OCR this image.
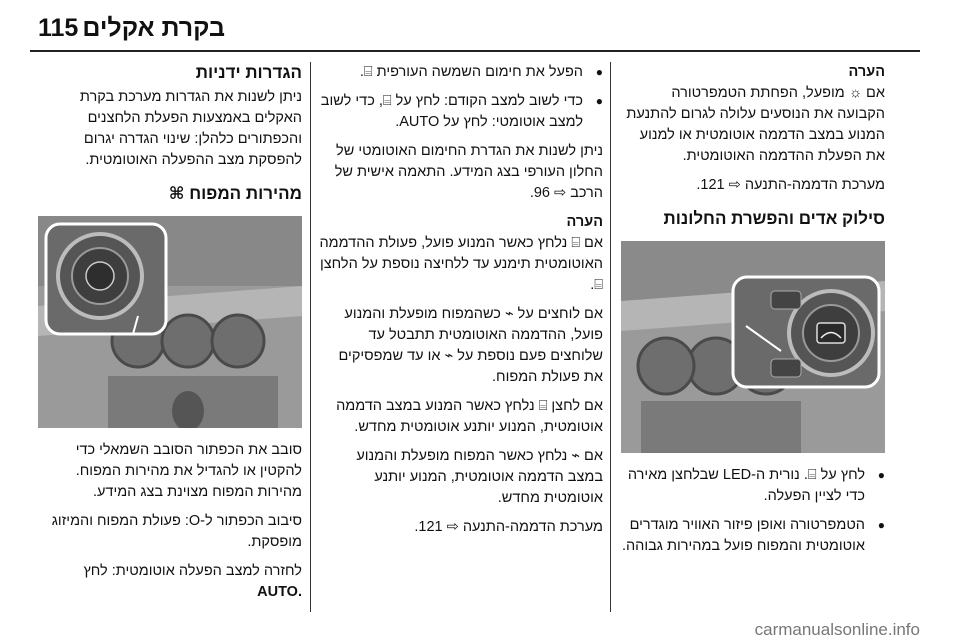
115 בקרת אקלים

הערה

אם ☼ מופעל, הפחתת הטמפרטורה הקבועה את הנוסעים עלולה לגרום להתנעת המנוע במצב הדממה אוטומטית או למנוע את הפעלת ההדממה האוטומטית.

מערכת הדממה-התנעה ⇨ 121.

סילוק אדים והפשרת החלונות
● לחץ על ⌸. נורית ה-LED שבלחצן מאירה כדי לציין הפעלה.
● הטמפרטורה ואופן פיזור האוויר מוגדרים אוטומטית והמפוח פועל במהירות גבוהה.
● הפעל את חימום השמשה העורפית ⌸.
● כדי לשוב למצב הקודם: לחץ על ⌸, כדי לשוב למצב אוטומטי: לחץ על AUTO.

ניתן לשנות את הגדרת החימום האוטומטי של החלון העורפי בצג המידע. התאמה אישית של הרכב ⇨ 96.

הערה

אם ⌸ נלחץ כאשר המנוע פועל, פעולת ההדממה האוטומטית תימנע עד ללחיצה נוספת על הלחצן ⌸.

אם לוחצים על ⌁ כשהמפוח מופעלת והמנוע פועל, ההדממה האוטומטית תתבטל עד שלוחצים פעם נוספת על ⌁ או עד שמפסיקים את פעולת המפוח.

אם לחצן ⌸ נלחץ כאשר המנוע במצב הדממה אוטומטית, המנוע יותנע אוטומטית מחדש.

אם ⌁ נלחץ כאשר המפוח מופעלת והמנוע במצב הדממה אוטומטית, המנוע יותנע אוטומטית מחדש.

מערכת הדממה-התנעה ⇨ 121.

הגדרות ידניות

ניתן לשנות את הגדרות מערכת בקרת האקלים באמצעות הפעלת הלחצנים והכפתורים כלהלן: שינוי הגדרה יגרום להפסקת מצב ההפעלה האוטומטית.

מהירות המפוח ⌘

סובב את הכפתור הסובב השמאלי כדי להקטין או להגדיל את מהירות המפוח. מהירות המפוח מצוינת בצג המידע.

סיבוב הכפתור ל-O: פעולת המפוח והמיזוג מופסקת.

לחזרה למצב הפעלה אוטומטית: לחץ
AUTO.

carmanualsonline.info
